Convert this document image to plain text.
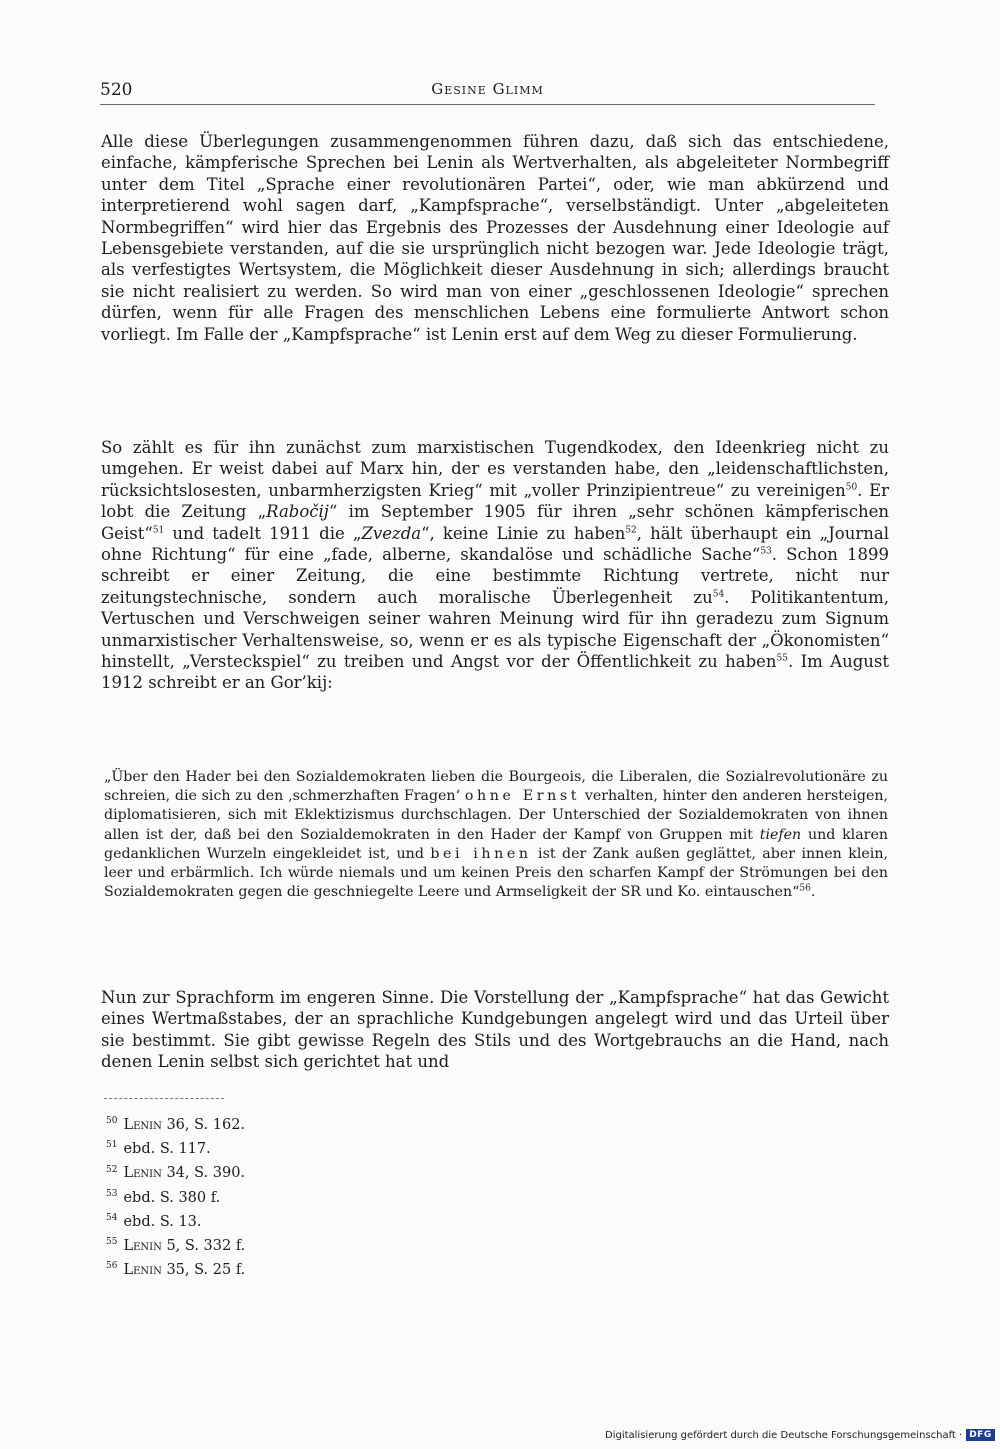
520	Gesine Glimm

Alle diese Überlegungen zusammengenommen führen dazu, daß sich das entschiedene, einfache, kämpferische Sprechen bei Lenin als Wertverhalten, als abgeleiteter Normbegriff unter dem Titel „Sprache einer revolutionären Partei“, oder, wie man abkürzend und interpretierend wohl sagen darf, „Kampfsprache“, verselbständigt. Unter „abgeleiteten Normbegriffen“ wird hier das Ergebnis des Prozesses der Ausdehnung einer Ideologie auf Lebensgebiete verstanden, auf die sie ursprünglich nicht bezogen war. Jede Ideologie trägt, als verfestigtes Wertsystem, die Möglichkeit dieser Ausdehnung in sich; allerdings braucht sie nicht realisiert zu werden. So wird man von einer „geschlossenen Ideologie“ sprechen dürfen, wenn für alle Fragen des menschlichen Lebens eine formulierte Antwort schon vorliegt. Im Falle der „Kampfsprache“ ist Lenin erst auf dem Weg zu dieser Formulierung.

So zählt es für ihn zunächst zum marxistischen Tugendkodex, den Ideenkrieg nicht zu umgehen. Er weist dabei auf Marx hin, der es verstanden habe, den „leidenschaftlichsten, rücksichtslosesten, unbarmherzigsten Krieg“ mit „voller Prinzipientreue“ zu vereinigen$^{50}$. Er lobt die Zeitung „Rabočij“ im September 1905 für ihren „sehr schönen kämpferischen Geist“$^{51}$ und tadelt 1911 die „Zvezda“, keine Linie zu haben$^{52}$, hält überhaupt ein „Journal ohne Richtung“ für eine „fade, alberne, skandalöse und schädliche Sache“$^{53}$. Schon 1899 schreibt er einer Zeitung, die eine bestimmte Richtung vertrete, nicht nur zeitungstechnische, sondern auch moralische Überlegenheit $zu^{54}$. Politikantentum, Vertuschen und Verschweigen seiner wahren Meinung wird für ihn geradezu zum Signum unmarxistischer Verhaltensweise, so, wenn er es als typische Eigenschaft der „Ökonomisten“ hinstellt, „Versteckspiel“ zu treiben und Angst vor der Öffentlichkeit zu haben$^{55}$. Im August 1912 schreibt er an Gor’kij:

„Über den Hader bei den Sozialdemokraten lieben die Bourgeois, die Liberalen, die Sozialrevolutionäre zu schreien, die sich zu den ‚schmerzhaften Fragen‘ ohne Ernst verhalten, hinter den anderen hersteigen, diplomatisieren, sich mit Eklektizismus durchschlagen. Der Unterschied der Sozialdemokraten von ihnen allen ist der, daß bei den Sozialdemokraten in den Hader der Kampf von Gruppen mit tiefen und klaren gedanklichen Wurzeln eingekleidet ist, und bei ihnen ist der Zank außen geglättet, aber innen klein, leer und erbärmlich. Ich würde niemals und um keinen Preis den scharfen Kampf der Strömungen bei den Sozialdemokraten gegen die geschniegelte Leere und Armseligkeit der SR und Ko. eintauschen“$^{56}$.

Nun zur Sprachform im engeren Sinne. Die Vorstellung der „Kampfsprache“ hat das Gewicht eines Wertmaßstabes, der an sprachliche Kundgebungen angelegt wird und das Urteil über sie bestimmt. Sie gibt gewisse Regeln des Stils und des Wortgebrauchs an die Hand, nach denen Lenin selbst sich gerichtet hat und

$^{50}$ Lenin 36, S. 162.
$^{51}$ ebd. S. 117.
$^{52}$ Lenin 34, S. 390.
$^{53}$ ebd. S. 380 f.
$^{54}$ ebd. S. 13.
$^{55}$ Lenin 5, S. 332 f.
$^{56}$ Lenin 35, S. 25 f.
Digitalisierung gefördert durch die Deutsche Forschungsgemeinschaft · DFG
